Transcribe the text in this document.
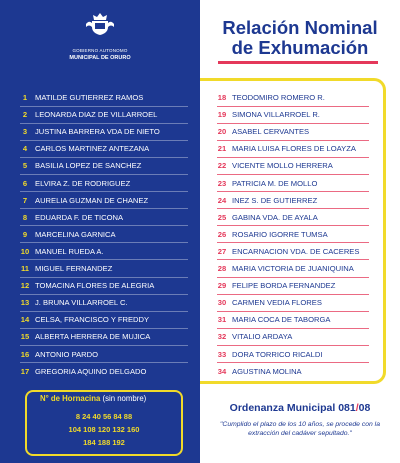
GOBIERNO AUTONOMO
MUNICIPAL DE ORURO
Relación Nominal
de Exhumación
1	MATILDE GUTIERREZ RAMOS
2	LEONARDA DIAZ DE VILLARROEL
3	JUSTINA BARRERA VDA DE NIETO
4	CARLOS MARTINEZ ANTEZANA
5	BASILIA LOPEZ DE SANCHEZ
6	ELVIRA Z. DE RODRIGUEZ
7	AURELIA GUZMAN DE CHANEZ
8	EDUARDA F. DE TICONA
9	MARCELINA GARNICA
10 MANUEL RUEDA A.
11 MIGUEL FERNANDEZ
12 TOMACINA FLORES DE ALEGRIA
13 J. BRUNA VILLARROEL C.
14 CELSA, FRANCISCO Y FREDDY
15 ALBERTA HERRERA DE MUJICA
16 ANTONIO PARDO
17 GREGORIA AQUINO DELGADO
18 TEODOMIRO ROMERO R.
19 SIMONA VILLARROEL R.
20 ASABEL CERVANTES
21 MARIA LUISA FLORES DE LOAYZA
22 VICENTE MOLLO HERRERA
23 PATRICIA M. DE MOLLO
24 INEZ S. DE GUTIERREZ
25 GABINA VDA. DE AYALA
26 ROSARIO IGORRE TUMSA
27 ENCARNACION VDA. DE CACERES
28 MARIA VICTORIA DE JUANIQUINA
29 FELIPE BORDA FERNANDEZ
30 CARMEN VEDIA FLORES
31 MARIA COCA DE TABORGA
32 VITALIO ARDAYA
33 DORA TORRICO RICALDI
34 AGUSTINA MOLINA
N° de Hornacina (sin nombre)
8 24 40 56 84 88
104 108 120 132 160
184 188 192
Ordenanza Municipal 081/08
"Cumplido el plazo de los 10 años, se procede con la extracción del cadáver sepultado."
